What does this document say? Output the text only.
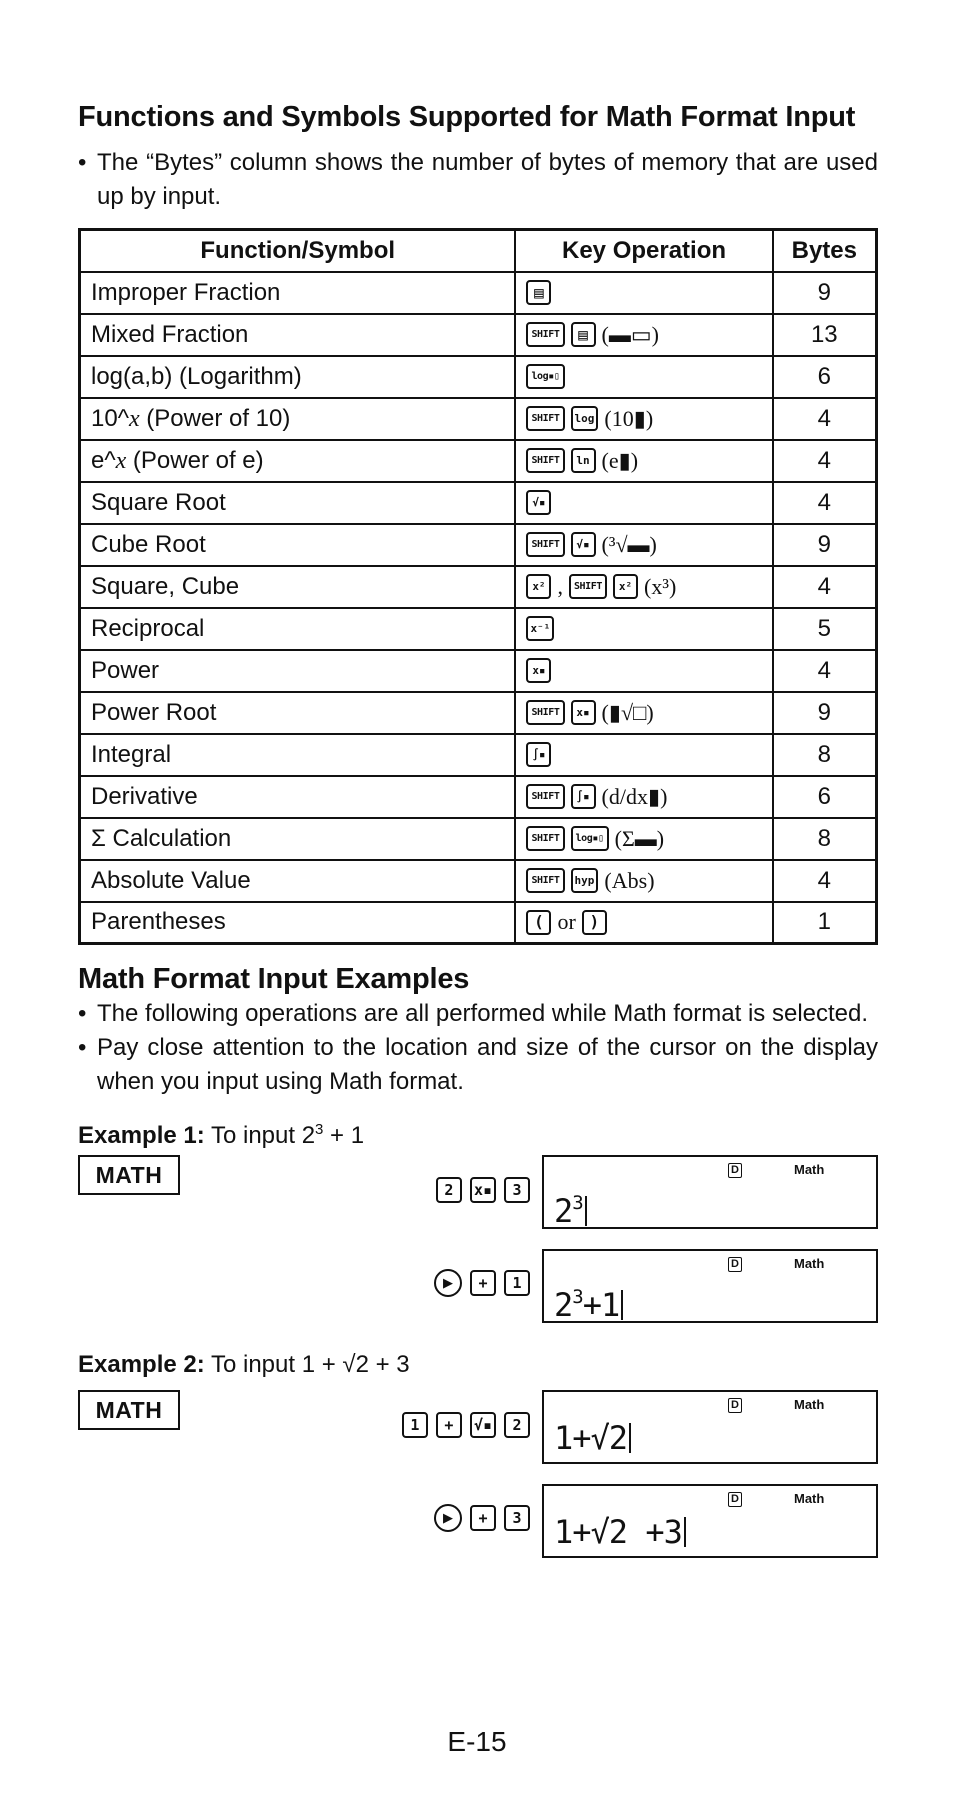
Functions and Symbols Supported for Math Format Input

• The “Bytes” column shows the number of bytes of memory that are used up by input.

Function/Symbol	Key Operation	Bytes
Improper Fraction	▤	9
Mixed Fraction	SHIFT ▤ (▬▭)	13
log(a,b) (Logarithm)	log▪▯	6
10^x (Power of 10)	SHIFT log (10▮)	4
e^x (Power of e)	SHIFT ln (e▮)	4
Square Root	√▪	4
Cube Root	SHIFT √▪ (³√▬)	9
Square, Cube	x² , SHIFT x² (x³)	4
Reciprocal	x⁻¹	5
Power	x▪	4
Power Root	SHIFT x▪ (▮√□)	9
Integral	∫▪	8
Derivative	SHIFT ∫▪ (d/dx▮)	6
Σ Calculation	SHIFT log▪▯ (Σ▬)	8
Absolute Value	SHIFT hyp (Abs)	4
Parentheses	( or )	1
Math Format Input Examples

• The following operations are all performed while Math format is selected.

• Pay close attention to the location and size of the cursor on the display when you input using Math format.

Example 1: To input $2^3 + 1$
MATH
2	x▪	3
D	Math
$2^3$
▶	+	1
D	Math
$2^3+1$
Example 2: To input 1 + √2 + 3
MATH
1	+	√▪	2
D	Math
1+√2
▶	+	3
D	Math
1+√2 +3
E-15
